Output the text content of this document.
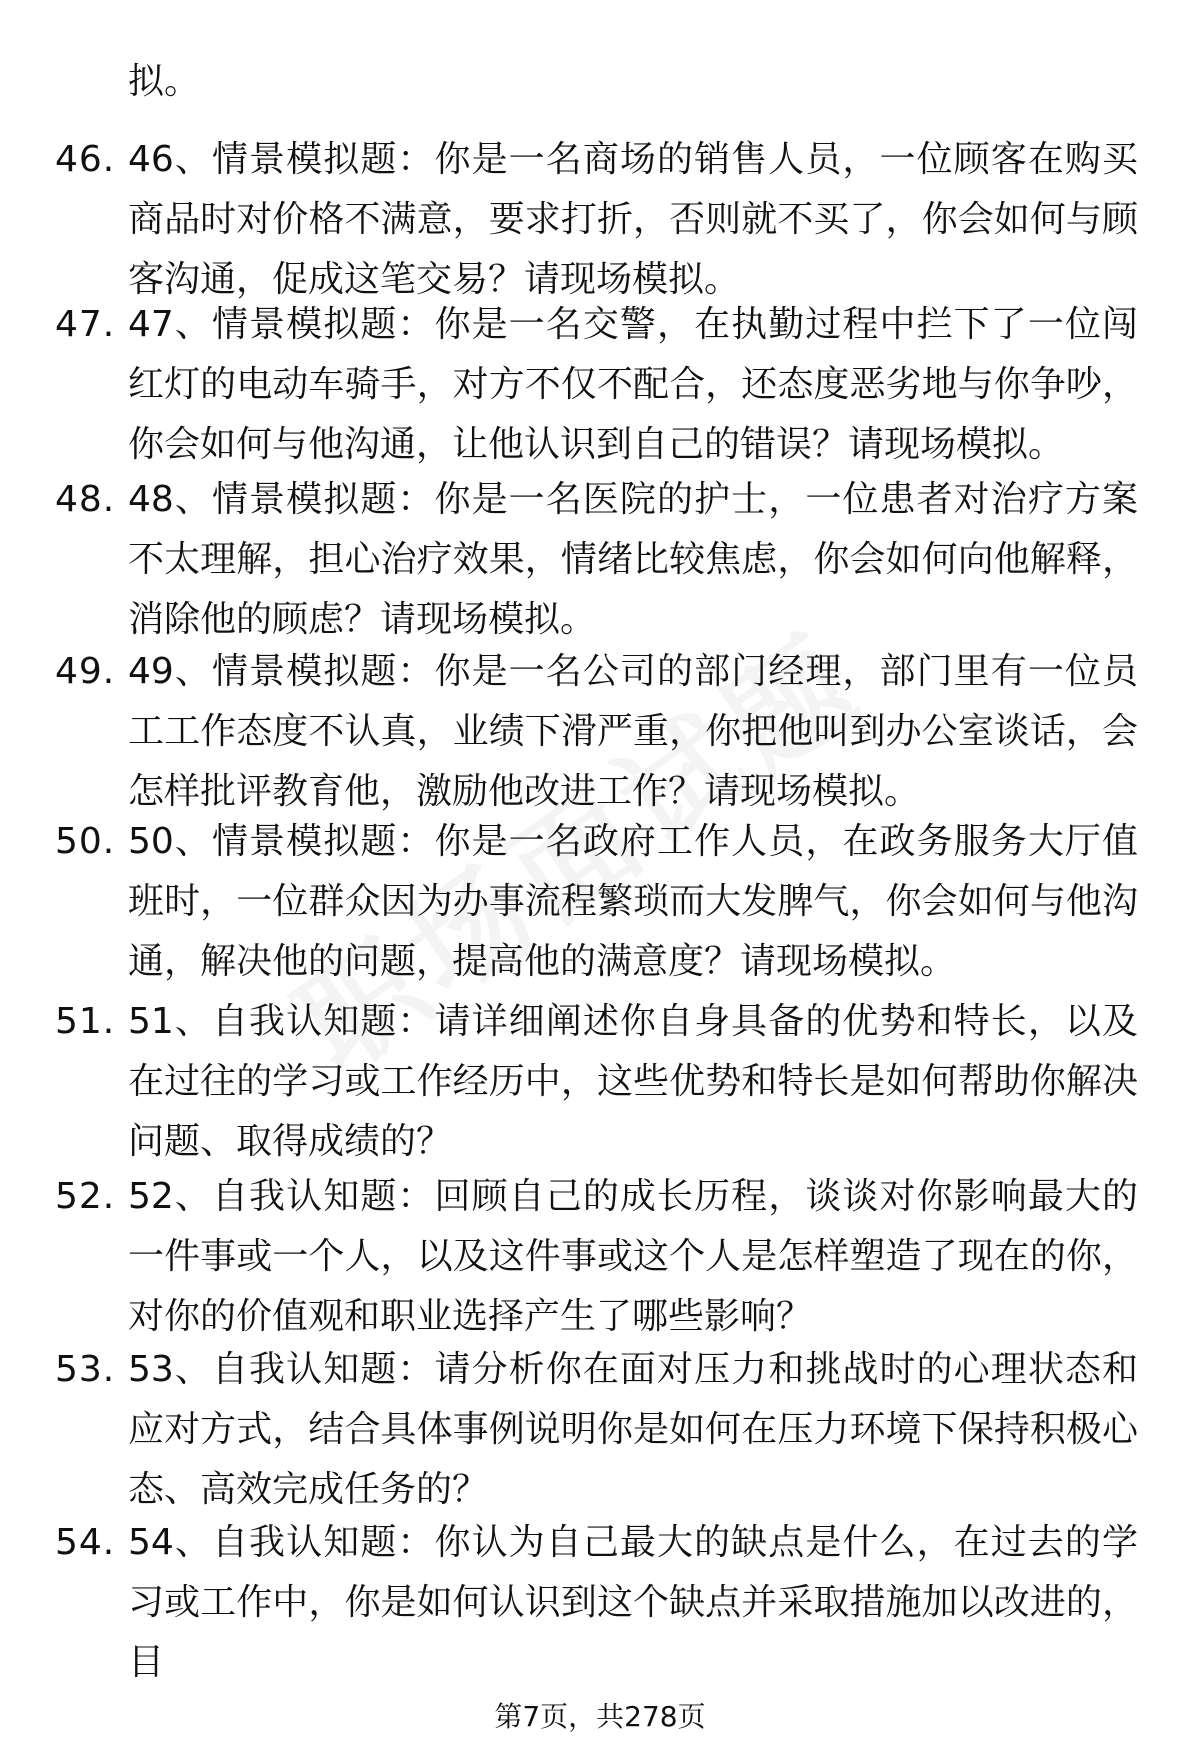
拟。
46. 46、情景模拟题：你是一名商场的销售人员，一位顾客在购买商品时对价格不满意，要求打折，否则就不买了，你会如何与顾客沟通，促成这笔交易？请现场模拟。
47. 47、情景模拟题：你是一名交警，在执勤过程中拦下了一位闯红灯的电动车骑手，对方不仅不配合，还态度恶劣地与你争吵，你会如何与他沟通，让他认识到自己的错误？请现场模拟。
48. 48、情景模拟题：你是一名医院的护士，一位患者对治疗方案不太理解，担心治疗效果，情绪比较焦虑，你会如何向他解释，消除他的顾虑？请现场模拟。
49. 49、情景模拟题：你是一名公司的部门经理，部门里有一位员工工作态度不认真，业绩下滑严重，你把他叫到办公室谈话，会怎样批评教育他，激励他改进工作？请现场模拟。
50. 50、情景模拟题：你是一名政府工作人员，在政务服务大厅值班时，一位群众因为办事流程繁琐而大发脾气，你会如何与他沟通，解决他的问题，提高他的满意度？请现场模拟。
51. 51、自我认知题：请详细阐述你自身具备的优势和特长，以及在过往的学习或工作经历中，这些优势和特长是如何帮助你解决问题、取得成绩的？
52. 52、自我认知题：回顾自己的成长历程，谈谈对你影响最大的一件事或一个人，以及这件事或这个人是怎样塑造了现在的你，对你的价值观和职业选择产生了哪些影响？
53. 53、自我认知题：请分析你在面对压力和挑战时的心理状态和应对方式，结合具体事例说明你是如何在压力环境下保持积极心态、高效完成任务的？
54. 54、自我认知题：你认为自己最大的缺点是什么，在过去的学习或工作中，你是如何认识到这个缺点并采取措施加以改进的，目
第7页，共278页
